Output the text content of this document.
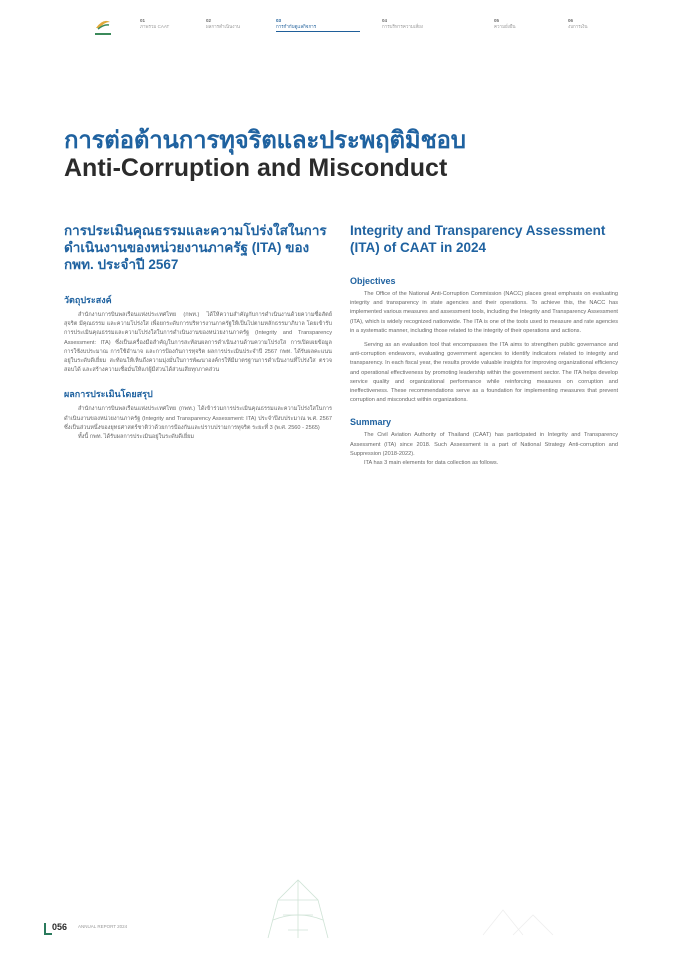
01
ภาพรวม CAAT
02
ผลการดำเนินงาน
03
การกำกับดูแลกิจการ
04
การบริหารความเสี่ยง
05
ความยั่งยืน
06
งบการเงิน
การต่อต้านการทุจริตและประพฤติมิชอบ
Anti-Corruption and Misconduct
การประเมินคุณธรรมและความโปร่งใสในการดำเนินงานของหน่วยงานภาครัฐ (ITA) ของ กพท. ประจำปี 2567
วัตถุประสงค์

สำนักงานการบินพลเรือนแห่งประเทศไทย (กพท.) ได้ให้ความสำคัญกับการดำเนินงานด้วยความซื่อสัตย์สุจริต มีคุณธรรม และความโปร่งใส เพื่อยกระดับการบริหารงานภาครัฐให้เป็นไปตามหลักธรรมาภิบาล โดยเข้ารับการประเมินคุณธรรมและความโปร่งใสในการดำเนินงานของหน่วยงานภาครัฐ (Integrity and Transparency Assessment: ITA) ซึ่งเป็นเครื่องมือสำคัญในการสะท้อนผลการดำเนินงานด้านความโปร่งใส การเปิดเผยข้อมูล การใช้งบประมาณ การใช้อำนาจ และการป้องกันการทุจริต ผลการประเมินประจำปี 2567 กพท. ได้รับผลคะแนนอยู่ในระดับดีเยี่ยม สะท้อนให้เห็นถึงความมุ่งมั่นในการพัฒนาองค์กรให้มีมาตรฐานการดำเนินงานที่โปร่งใส ตรวจสอบได้ และสร้างความเชื่อมั่นให้แก่ผู้มีส่วนได้ส่วนเสียทุกภาคส่วน

ผลการประเมินโดยสรุป

สำนักงานการบินพลเรือนแห่งประเทศไทย (กพท.) ได้เข้าร่วมการประเมินคุณธรรมและความโปร่งใสในการดำเนินงานของหน่วยงานภาครัฐ (Integrity and Transparency Assessment: ITA) ประจำปีงบประมาณ พ.ศ. 2567 ซึ่งเป็นส่วนหนึ่งของยุทธศาสตร์ชาติว่าด้วยการป้องกันและปราบปรามการทุจริต ระยะที่ 3 (พ.ศ. 2560 - 2565)

ทั้งนี้ กพท. ได้รับผลการประเมินอยู่ในระดับดีเยี่ยม

Integrity and Transparency Assessment (ITA) of CAAT in 2024
Objectives

The Office of the National Anti-Corruption Commission (NACC) places great emphasis on evaluating integrity and transparency in state agencies and their operations. To achieve this, the NACC has implemented various measures and assessment tools, including the Integrity and Transparency Assessment (ITA), which is widely recognized nationwide. The ITA is one of the tools used to measure and rate agencies in a systematic manner, including those related to the integrity of their operations and actions.

Serving as an evaluation tool that encompasses the ITA aims to strengthen public governance and anti-corruption endeavors, evaluating government agencies to identify indicators related to integrity and transparency. In each fiscal year, the results provide valuable insights for improving organizational efficiency and operational effectiveness by promoting leadership within the government sector. The ITA helps develop service quality and organizational performance while reinforcing measures on corruption and ineffectiveness. These recommendations serve as a foundation for implementing measures that prevent corruption and misconduct within organizations.

Summary

The Civil Aviation Authority of Thailand (CAAT) has participated in Integrity and Transparency Assessment (ITA) since 2018. Such Assessment is a part of National Strategy Anti-corruption and Suppression (2018-2022).

ITA has 3 main elements for data collection as follows.

056 ANNUAL REPORT 2024
